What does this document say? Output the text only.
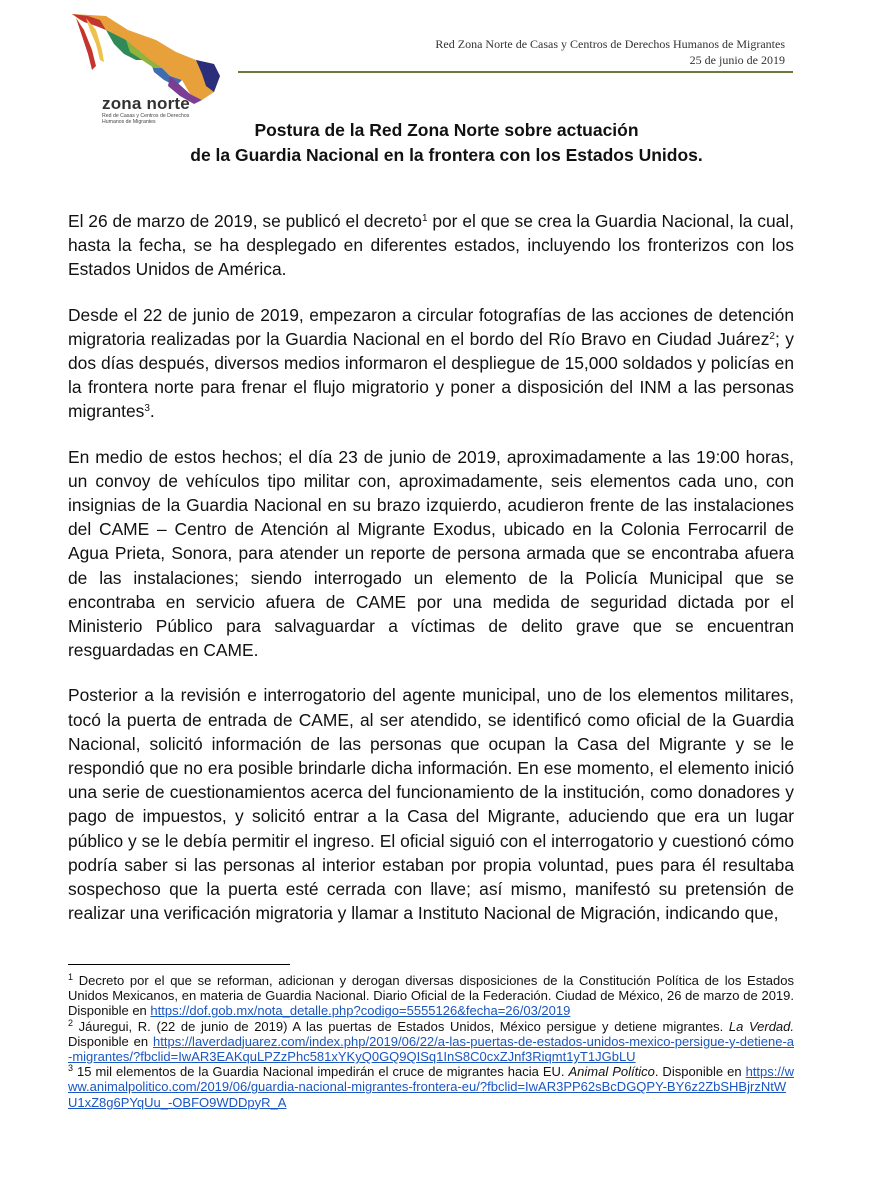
zona norte
Red de Casas y Centros de Derechos Humanos de Migrantes
Red Zona Norte de Casas y Centros de Derechos Humanos de Migrantes
25 de junio de 2019
Postura de la Red Zona Norte sobre actuación
de la Guardia Nacional en la frontera con los Estados Unidos.

El 26 de marzo de 2019, se publicó el decreto$^1$ por el que se crea la Guardia Nacional, la cual, hasta la fecha, se ha desplegado en diferentes estados, incluyendo los fronterizos con los Estados Unidos de América.

Desde el 22 de junio de 2019, empezaron a circular fotografías de las acciones de detención migratoria realizadas por la Guardia Nacional en el bordo del Río Bravo en Ciudad Juárez$^2$; y dos días después, diversos medios informaron el despliegue de 15,000 soldados y policías en la frontera norte para frenar el flujo migratorio y poner a disposición del INM a las personas migrantes$^3$.

En medio de estos hechos; el día 23 de junio de 2019, aproximadamente a las 19:00 horas, un convoy de vehículos tipo militar con, aproximadamente, seis elementos cada uno, con insignias de la Guardia Nacional en su brazo izquierdo, acudieron frente de las instalaciones del CAME – Centro de Atención al Migrante Exodus, ubicado en la Colonia Ferrocarril de Agua Prieta, Sonora, para atender un reporte de persona armada que se encontraba afuera de las instalaciones; siendo interrogado un elemento de la Policía Municipal que se encontraba en servicio afuera de CAME por una medida de seguridad dictada por el Ministerio Público para salvaguardar a víctimas de delito grave que se encuentran resguardadas en CAME.

Posterior a la revisión e interrogatorio del agente municipal, uno de los elementos militares, tocó la puerta de entrada de CAME, al ser atendido, se identificó como oficial de la Guardia Nacional, solicitó información de las personas que ocupan la Casa del Migrante y se le respondió que no era posible brindarle dicha información. En ese momento, el elemento inició una serie de cuestionamientos acerca del funcionamiento de la institución, como donadores y pago de impuestos, y solicitó entrar a la Casa del Migrante, aduciendo que era un lugar público y se le debía permitir el ingreso. El oficial siguió con el interrogatorio y cuestionó cómo podría saber si las personas al interior estaban por propia voluntad, pues para él resultaba sospechoso que la puerta esté cerrada con llave; así mismo, manifestó su pretensión de realizar una verificación migratoria y llamar a Instituto Nacional de Migración, indicando que,

$^1$ Decreto por el que se reforman, adicionan y derogan diversas disposiciones de la Constitución Política de los Estados Unidos Mexicanos, en materia de Guardia Nacional. Diario Oficial de la Federación. Ciudad de México, 26 de marzo de 2019. Disponible en https://dof.gob.mx/nota_detalle.php?codigo=5555126&fecha=26/03/2019

$^2$ Jáuregui, R. (22 de junio de 2019) A las puertas de Estados Unidos, México persigue y detiene migrantes. La Verdad. Disponible en https://laverdadjuarez.com/index.php/2019/06/22/a-las-puertas-de-estados-unidos-mexico-persigue-y-detiene-a-migrantes/?fbclid=IwAR3EAKquLPZzPhc581xYKyQ0GQ9QISq1InS8C0cxZJnf3Riqmt1yT1JGbLU

$^3$ 15 mil elementos de la Guardia Nacional impedirán el cruce de migrantes hacia EU. Animal Político. Disponible en https://www.animalpolitico.com/2019/06/guardia-nacional-migrantes-frontera-eu/?fbclid=IwAR3PP62sBcDGQPY-BY6z2ZbSHBjrzNtWU1xZ8g6PYqUu_-OBFO9WDDpyR_A
